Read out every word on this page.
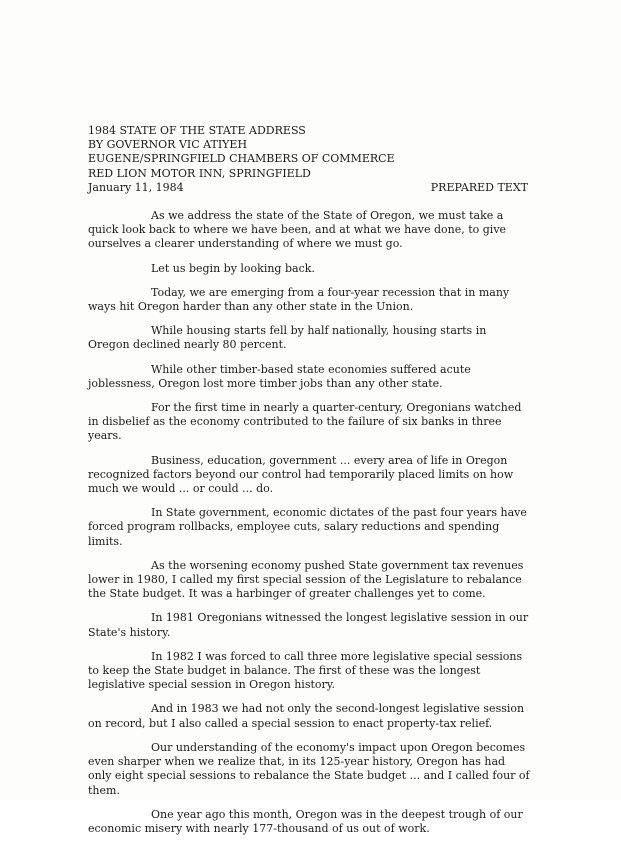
1984 STATE OF THE STATE ADDRESS
BY GOVERNOR VIC ATIYEH
EUGENE/SPRINGFIELD CHAMBERS OF COMMERCE
RED LION MOTOR INN, SPRINGFIELD
January 11, 1984	PREPARED TEXT

As we address the state of the State of Oregon, we must take a quick look back to where we have been, and at what we have done, to give ourselves a clearer understanding of where we must go.

Let us begin by looking back.

Today, we are emerging from a four-year recession that in many ways hit Oregon harder than any other state in the Union.

While housing starts fell by half nationally, housing starts in Oregon declined nearly 80 percent.

While other timber-based state economies suffered acute joblessness, Oregon lost more timber jobs than any other state.

For the first time in nearly a quarter-century, Oregonians watched in disbelief as the economy contributed to the failure of six banks in three years.

Business, education, government ... every area of life in Oregon recognized factors beyond our control had temporarily placed limits on how much we would ... or could ... do.

In State government, economic dictates of the past four years have forced program rollbacks, employee cuts, salary reductions and spending limits.

As the worsening economy pushed State government tax revenues lower in 1980, I called my first special session of the Legislature to rebalance the State budget. It was a harbinger of greater challenges yet to come.

In 1981 Oregonians witnessed the longest legislative session in our State's history.

In 1982 I was forced to call three more legislative special sessions to keep the State budget in balance. The first of these was the longest legislative special session in Oregon history.

And in 1983 we had not only the second-longest legislative session on record, but I also called a special session to enact property-tax relief.

Our understanding of the economy's impact upon Oregon becomes even sharper when we realize that, in its 125-year history, Oregon has had only eight special sessions to rebalance the State budget ... and I called four of them.

One year ago this month, Oregon was in the deepest trough of our economic misery with nearly 177-thousand of us out of work.
